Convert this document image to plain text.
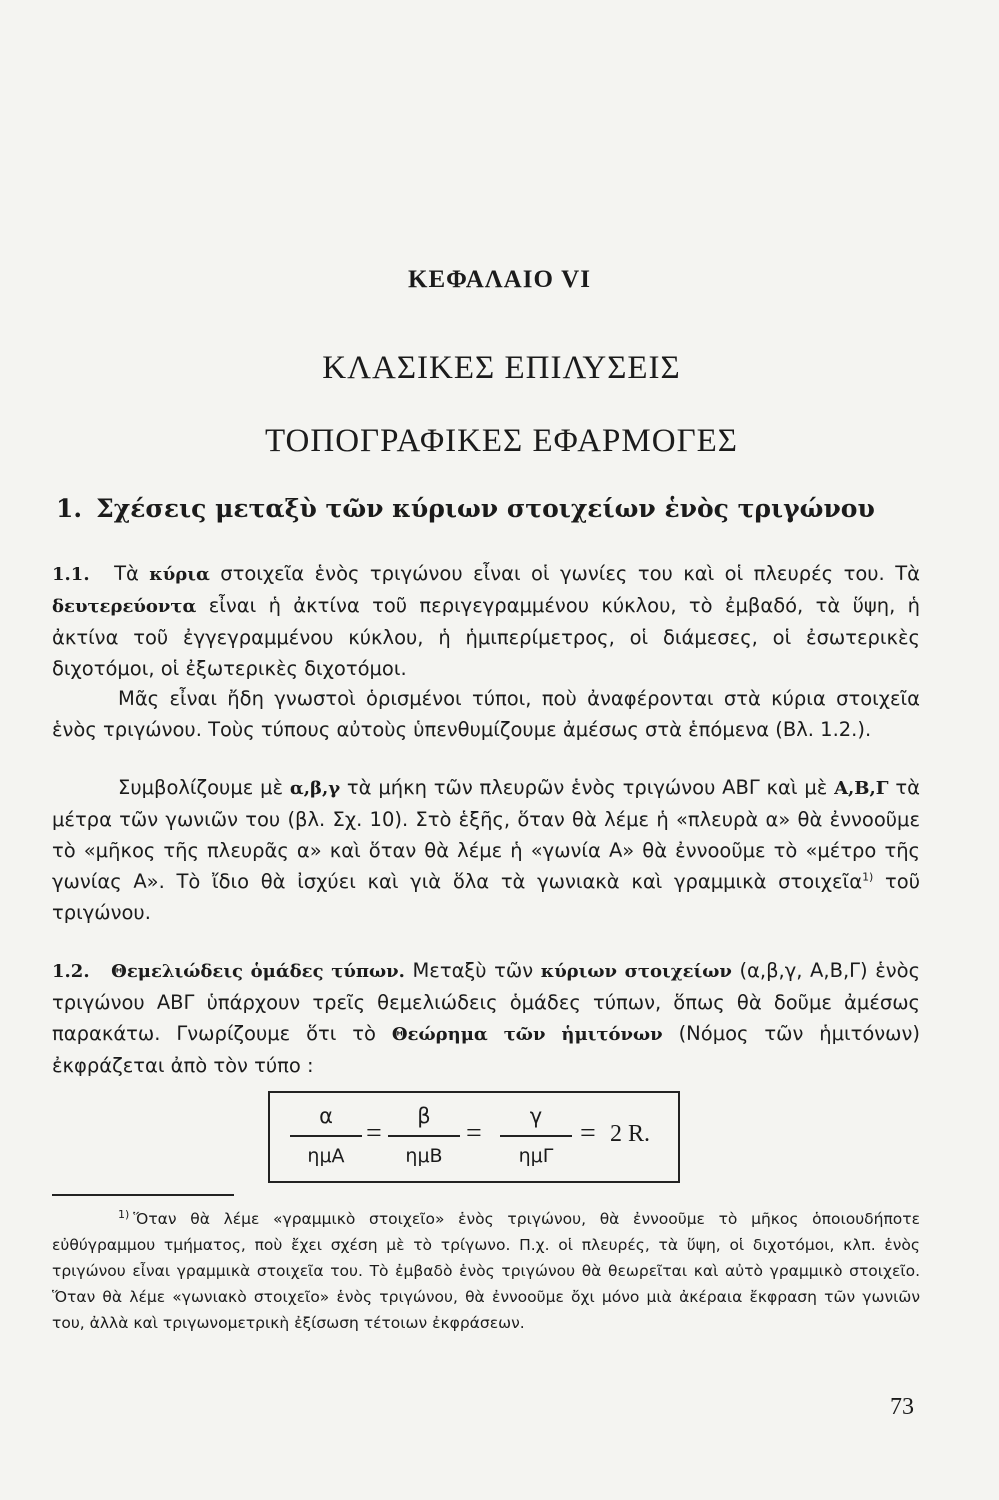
ΚΕΦΑΛΑΙΟ VI
ΚΛΑΣΙΚΕΣ ΕΠΙΛΥΣΕΙΣ
ΤΟΠΟΓΡΑΦΙΚΕΣ ΕΦΑΡΜΟΓΕΣ
1. Σχέσεις μεταξὺ τῶν κύριων στοιχείων ἑνὸς τριγώνου

1.1. Τὰ κύρια στοιχεῖα ἑνὸς τριγώνου εἶναι οἱ γωνίες του καὶ οἱ πλευρές του. Τὰ δευτερεύοντα εἶναι ἡ ἀκτίνα τοῦ περιγεγραμμένου κύκλου, τὸ ἐμβαδό, τὰ ὕψη, ἡ ἀκτίνα τοῦ ἐγγεγραμμένου κύκλου, ἡ ἡμιπερίμετρος, οἱ διάμεσες, οἱ ἐσωτερικὲς διχοτόμοι, οἱ ἐξωτερικὲς διχοτόμοι.

Μᾶς εἶναι ἤδη γνωστοὶ ὁρισμένοι τύποι, ποὺ ἀναφέρονται στὰ κύρια στοιχεῖα ἑνὸς τριγώνου. Τοὺς τύπους αὐτοὺς ὑπενθυμίζουμε ἀμέσως στὰ ἑπόμενα (Βλ. 1.2.).

Συμβολίζουμε μὲ α,β,γ τὰ μήκη τῶν πλευρῶν ἑνὸς τριγώνου ΑΒΓ καὶ μὲ Α,Β,Γ τὰ μέτρα τῶν γωνιῶν του (βλ. Σχ. 10). Στὸ ἑξῆς, ὅταν θὰ λέμε ἡ «πλευρὰ α» θὰ ἐννοοῦμε τὸ «μῆκος τῆς πλευρᾶς α» καὶ ὅταν θὰ λέμε ἡ «γωνία Α» θὰ ἐννοοῦμε τὸ «μέτρο τῆς γωνίας Α». Τὸ ἴδιο θὰ ἰσχύει καὶ γιὰ ὅλα τὰ γωνιακὰ καὶ γραμμικὰ στοιχεῖα$^{1)}$ τοῦ τριγώνου.

1.2. Θεμελιώδεις ὁμάδες τύπων. Μεταξὺ τῶν κύριων στοιχείων (α,β,γ, Α,Β,Γ) ἑνὸς τριγώνου ΑΒΓ ὑπάρχουν τρεῖς θεμελιώδεις ὁμάδες τύπων, ὅπως θὰ δοῦμε ἀμέσως παρακάτω. Γνωρίζουμε ὅτι τὸ Θεώρημα τῶν ἡμιτόνων (Νόμος τῶν ἡμιτόνων) ἐκφράζεται ἀπὸ τὸν τύπο :

α
ημΑ
=
β
ημΒ
=
γ
ημΓ
= 2 R.

$^{1)}$ Ὅταν θὰ λέμε «γραμμικὸ στοιχεῖο» ἑνὸς τριγώνου, θὰ ἐννοοῦμε τὸ μῆκος ὁποιουδήποτε εὐθύγραμμου τμήματος, ποὺ ἔχει σχέση μὲ τὸ τρίγωνο. Π.χ. οἱ πλευρές, τὰ ὕψη, οἱ διχοτόμοι, κλπ. ἑνὸς τριγώνου εἶναι γραμμικὰ στοιχεῖα του. Τὸ ἐμβαδὸ ἑνὸς τριγώνου θὰ θεωρεῖται καὶ αὐτὸ γραμμικὸ στοιχεῖο. Ὅταν θὰ λέμε «γωνιακὸ στοιχεῖο» ἑνὸς τριγώνου, θὰ ἐννοοῦμε ὄχι μόνο μιὰ ἀκέραια ἔκφραση τῶν γωνιῶν του, ἀλλὰ καὶ τριγωνομετρικὴ ἐξίσωση τέτοιων ἐκφράσεων.

73
